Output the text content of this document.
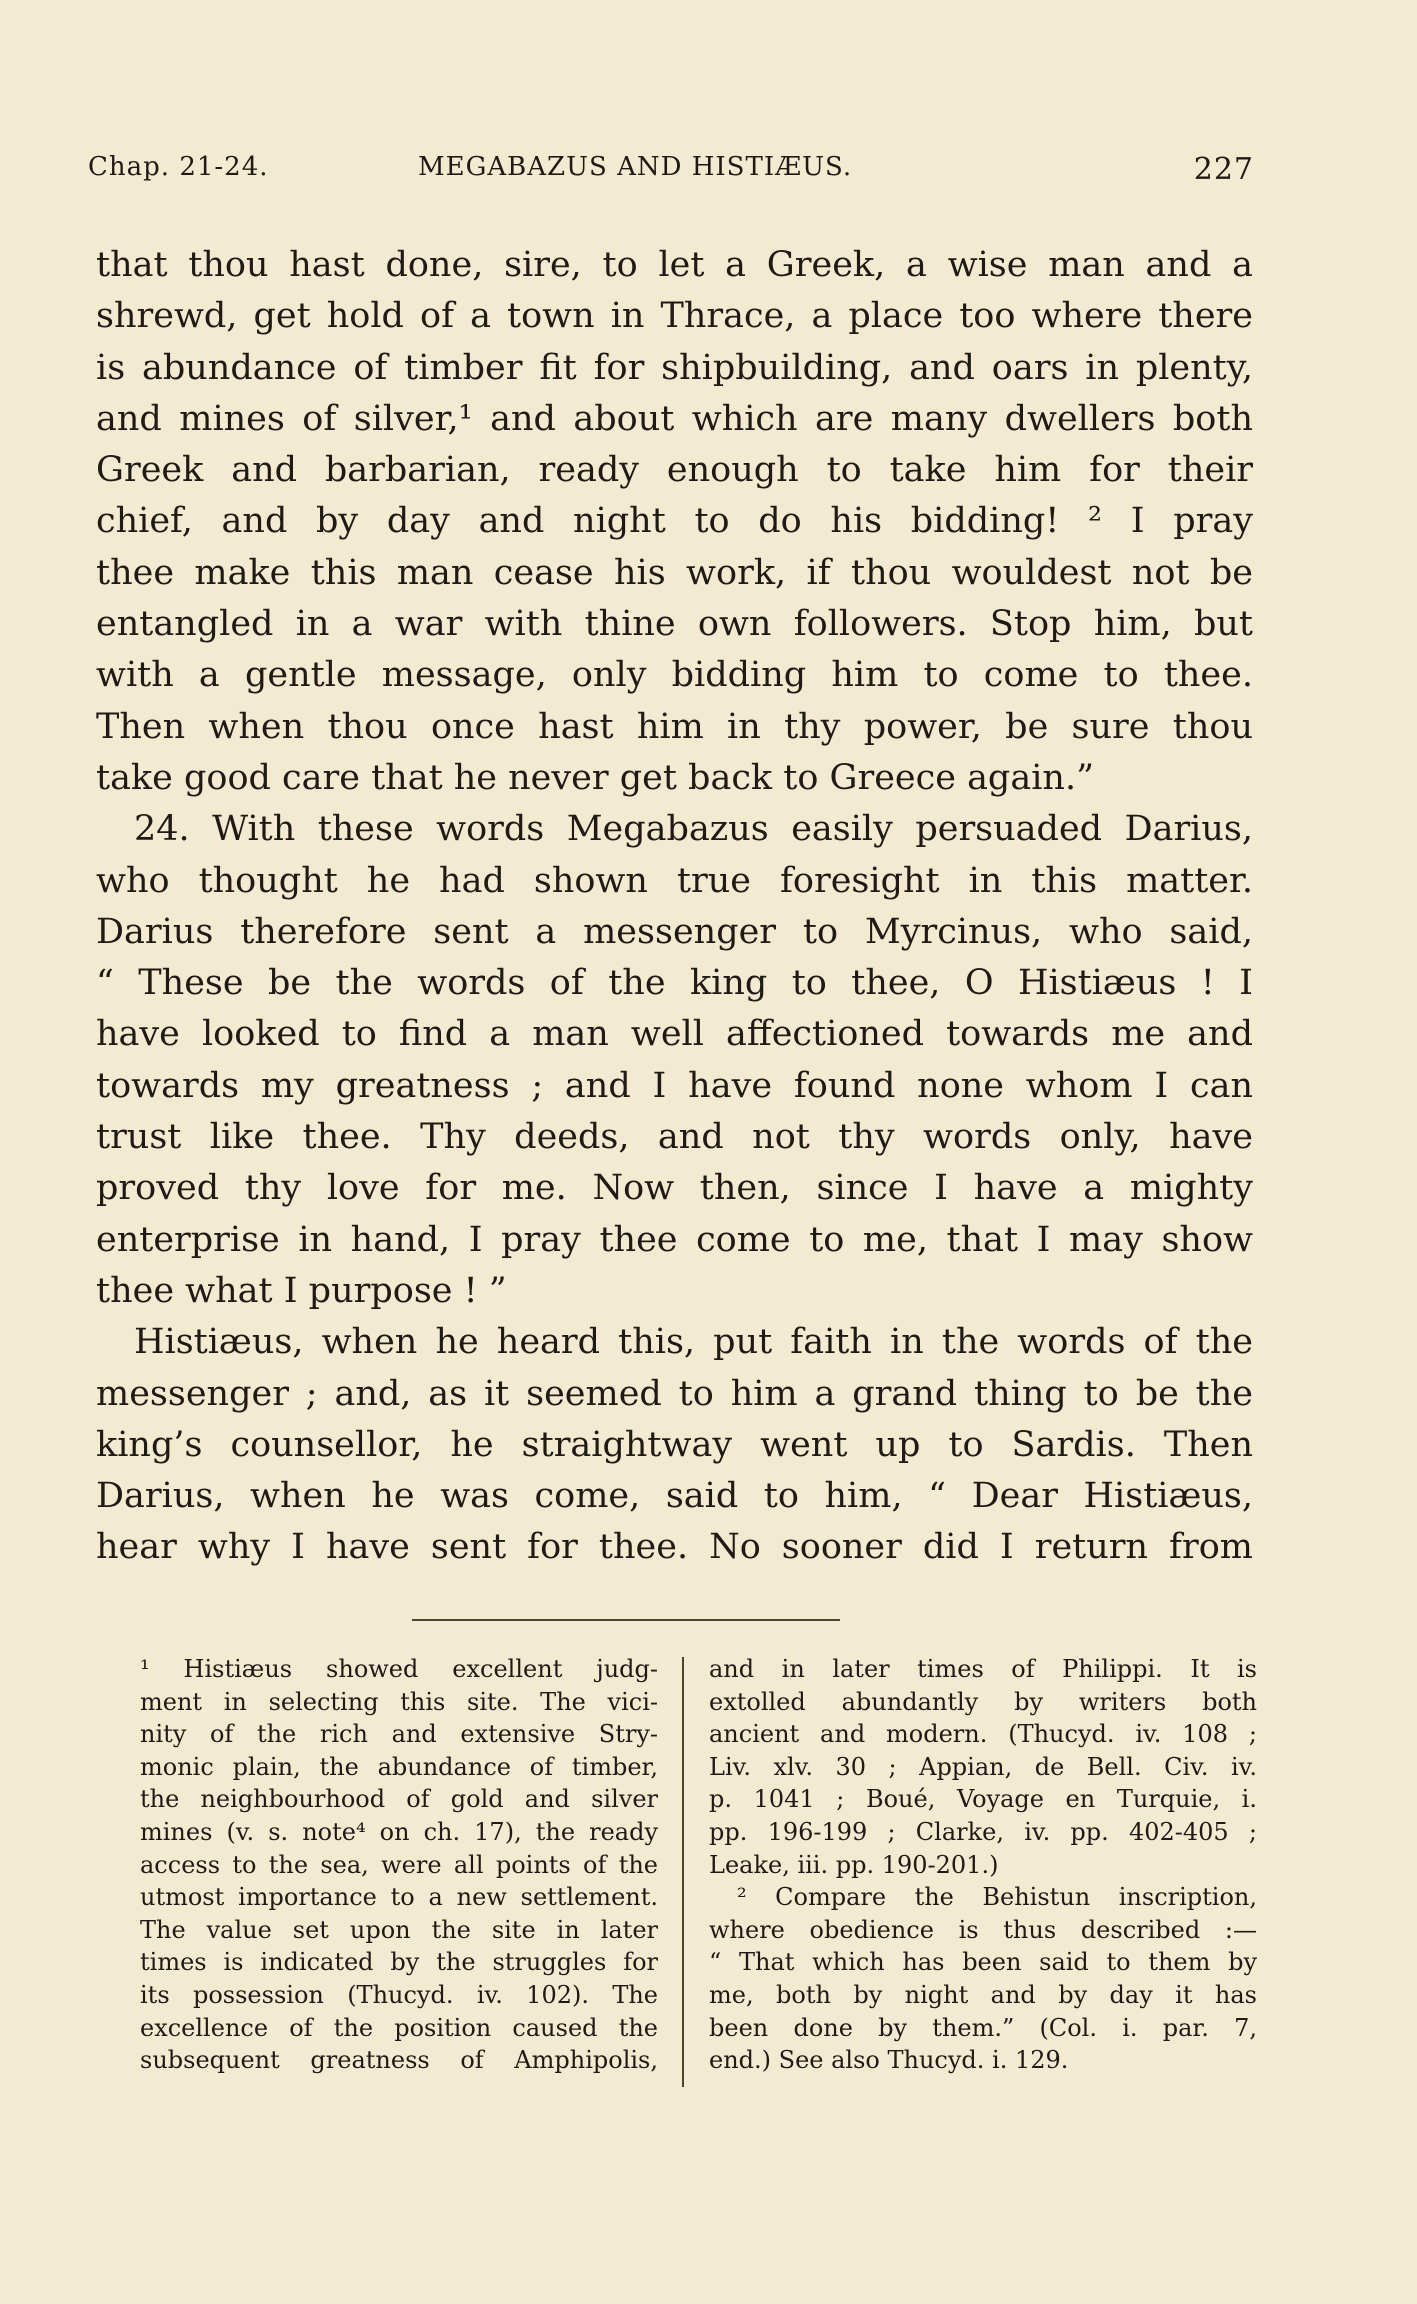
Chap. 21-24.	MEGABAZUS AND HISTIÆUS.	227
that thou hast done, sire, to let a Greek, a wise man and a
shrewd, get hold of a town in Thrace, a place too where there
is abundance of timber fit for shipbuilding, and oars in plenty,
and mines of silver,¹ and about which are many dwellers both
Greek and barbarian, ready enough to take him for their
chief, and by day and night to do his bidding! ² I pray
thee make this man cease his work, if thou wouldest not be
entangled in a war with thine own followers. Stop him, but
with a gentle message, only bidding him to come to thee.
Then when thou once hast him in thy power, be sure thou
take good care that he never get back to Greece again.”
24. With these words Megabazus easily persuaded Darius,
who thought he had shown true foresight in this matter.
Darius therefore sent a messenger to Myrcinus, who said,
“ These be the words of the king to thee, O Histiæus ! I
have looked to find a man well affectioned towards me and
towards my greatness ; and I have found none whom I can
trust like thee. Thy deeds, and not thy words only, have
proved thy love for me. Now then, since I have a mighty
enterprise in hand, I pray thee come to me, that I may show
thee what I purpose ! ”
Histiæus, when he heard this, put faith in the words of the
messenger ; and, as it seemed to him a grand thing to be the
king’s counsellor, he straightway went up to Sardis. Then
Darius, when he was come, said to him, “ Dear Histiæus,
hear why I have sent for thee. No sooner did I return from
¹ Histiæus showed excellent judg-
ment in selecting this site. The vici-
nity of the rich and extensive Stry-
monic plain, the abundance of timber,
the neighbourhood of gold and silver
mines (v. s. note⁴ on ch. 17), the ready
access to the sea, were all points of the
utmost importance to a new settlement.
The value set upon the site in later
times is indicated by the struggles for
its possession (Thucyd. iv. 102). The
excellence of the position caused the
subsequent greatness of Amphipolis,
and in later times of Philippi. It is
extolled abundantly by writers both
ancient and modern. (Thucyd. iv. 108 ;
Liv. xlv. 30 ; Appian, de Bell. Civ. iv.
p. 1041 ; Boué, Voyage en Turquie, i.
pp. 196-199 ; Clarke, iv. pp. 402-405 ;
Leake, iii. pp. 190-201.)
² Compare the Behistun inscription,
where obedience is thus described :—
“ That which has been said to them by
me, both by night and by day it has
been done by them.” (Col. i. par. 7,
end.) See also Thucyd. i. 129.
